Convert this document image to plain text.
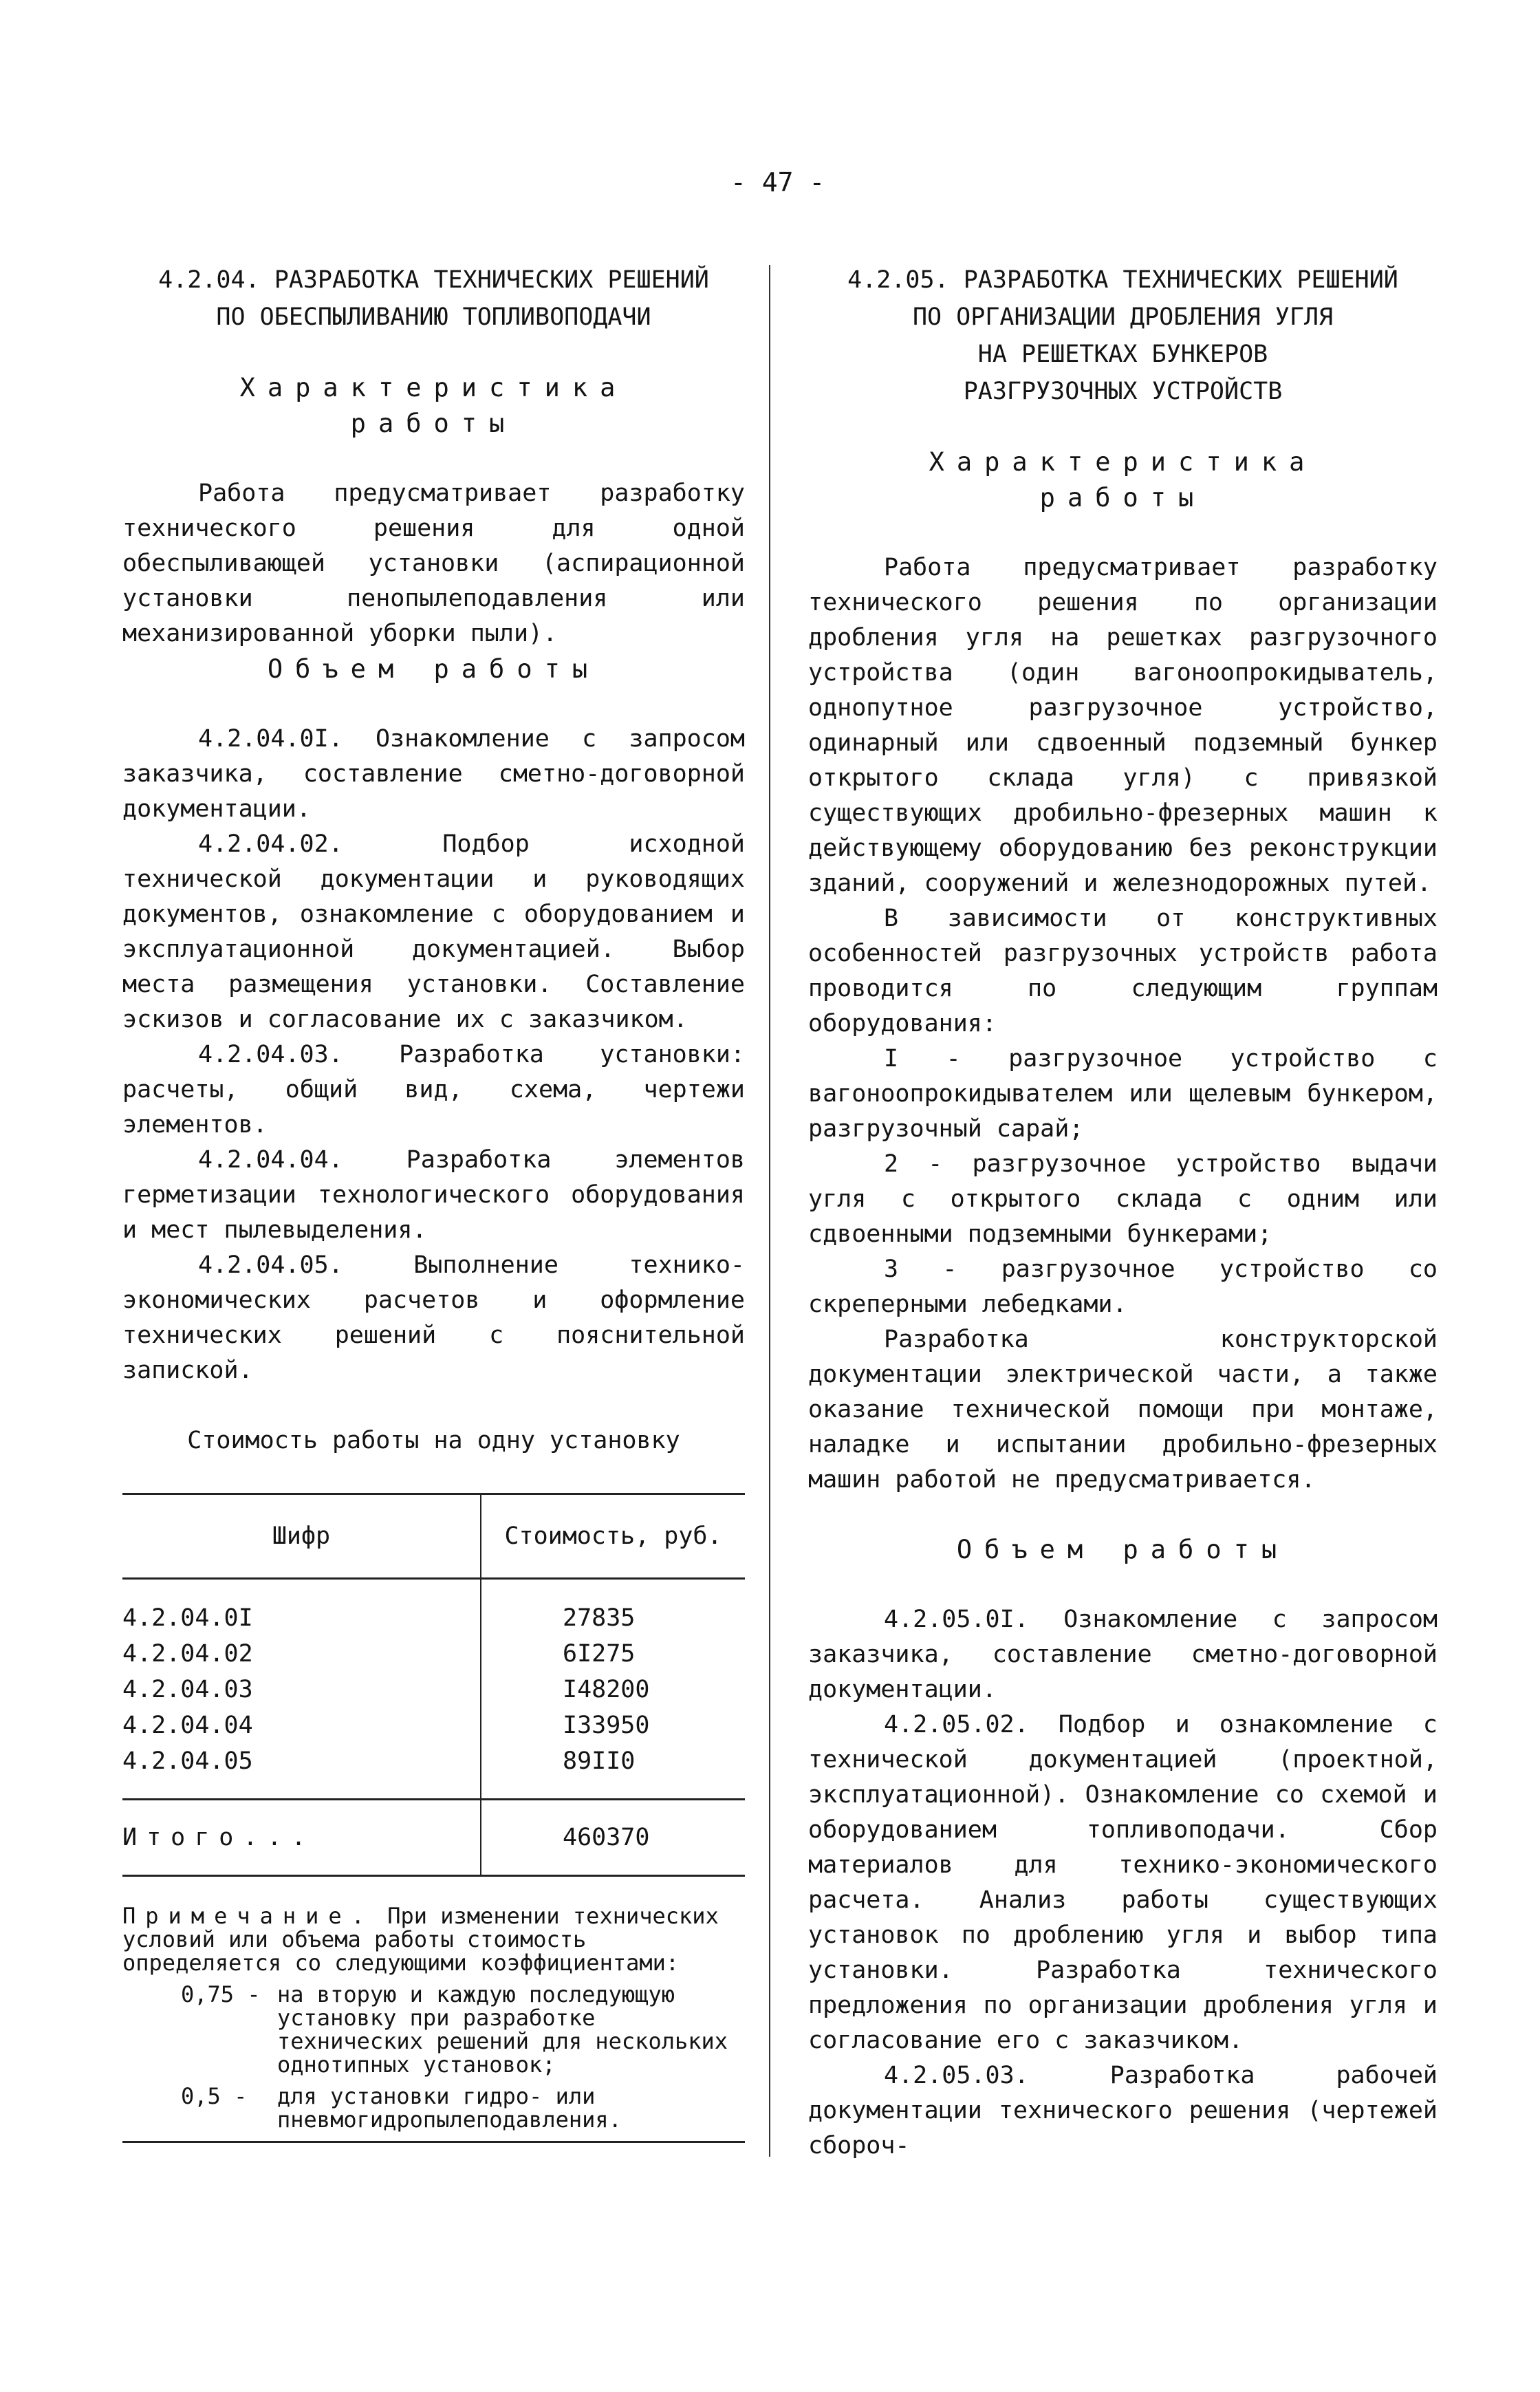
- 47 -
4.2.04. РАЗРАБОТКА ТЕХНИЧЕСКИХ РЕШЕНИЙ
ПО ОБЕСПЫЛИВАНИЮ ТОПЛИВОПОДАЧИ
Характеристика
работы

Работа предусматривает разработку технического решения для одной обеспыливающей установки (аспирационной установки пенопылеподавления или механизированной уборки пыли).

Объем работы

4.2.04.0I. Ознакомление с запросом заказчика, составление сметно-договорной документации.

4.2.04.02. Подбор исходной технической документации и руководящих документов, ознакомление с оборудованием и эксплуатационной документацией. Выбор места размещения установки. Составление эскизов и согласование их с заказчиком.

4.2.04.03. Разработка установки: расчеты, общий вид, схема, чертежи элементов.

4.2.04.04. Разработка элементов герметизации технологического оборудования и мест пылевыделения.

4.2.04.05. Выполнение технико-экономических расчетов и оформление технических решений с пояснительной запиской.

Стоимость работы на одну установку
Шифр	Стоимость, руб.
4.2.04.0I	27835
4.2.04.02	6I275
4.2.04.03	I48200
4.2.04.04	I33950
4.2.04.05	89II0
Итого...	460370
Примечание. При изменении технических условий или объема работы стоимость определяется со следующими коэффициентами:
0,75 - на вторую и каждую последующую установку при разработке технических решений для нескольких однотипных установок;
0,5 -	для установки гидро- или пневмогидропылеподавления.
4.2.05. РАЗРАБОТКА ТЕХНИЧЕСКИХ РЕШЕНИЙ
ПО ОРГАНИЗАЦИИ ДРОБЛЕНИЯ УГЛЯ
НА РЕШЕТКАХ БУНКЕРОВ
РАЗГРУЗОЧНЫХ УСТРОЙСТВ
Характеристика
работы

Работа предусматривает разработку технического решения по организации дробления угля на решетках разгрузочного устройства (один вагоноопрокидыватель, однопутное разгрузочное устройство, одинарный или сдвоенный подземный бункер открытого склада угля) с привязкой существующих дробильно-фрезерных машин к действующему оборудованию без реконструкции зданий, сооружений и железнодорожных путей.

В зависимости от конструктивных особенностей разгрузочных устройств работа проводится по следующим группам оборудования:

I - разгрузочное устройство с вагоноопрокидывателем или щелевым бункером, разгрузочный сарай;

2 - разгрузочное устройство выдачи угля с открытого склада с одним или сдвоенными подземными бункерами;

3 - разгрузочное устройство со скреперными лебедками.

Разработка конструкторской документации электрической части, а также оказание технической помощи при монтаже, наладке и испытании дробильно-фрезерных машин работой не предусматривается.

Объем работы

4.2.05.0I. Ознакомление с запросом заказчика, составление сметно-договорной документации.

4.2.05.02. Подбор и ознакомление с технической документацией (проектной, эксплуатационной). Ознакомление со схемой и оборудованием топливоподачи. Сбор материалов для технико-экономического расчета. Анализ работы существующих установок по дроблению угля и выбор типа установки. Разработка технического предложения по организации дробления угля и согласование его с заказчиком.

4.2.05.03. Разработка рабочей документации технического решения (чертежей сбороч-
